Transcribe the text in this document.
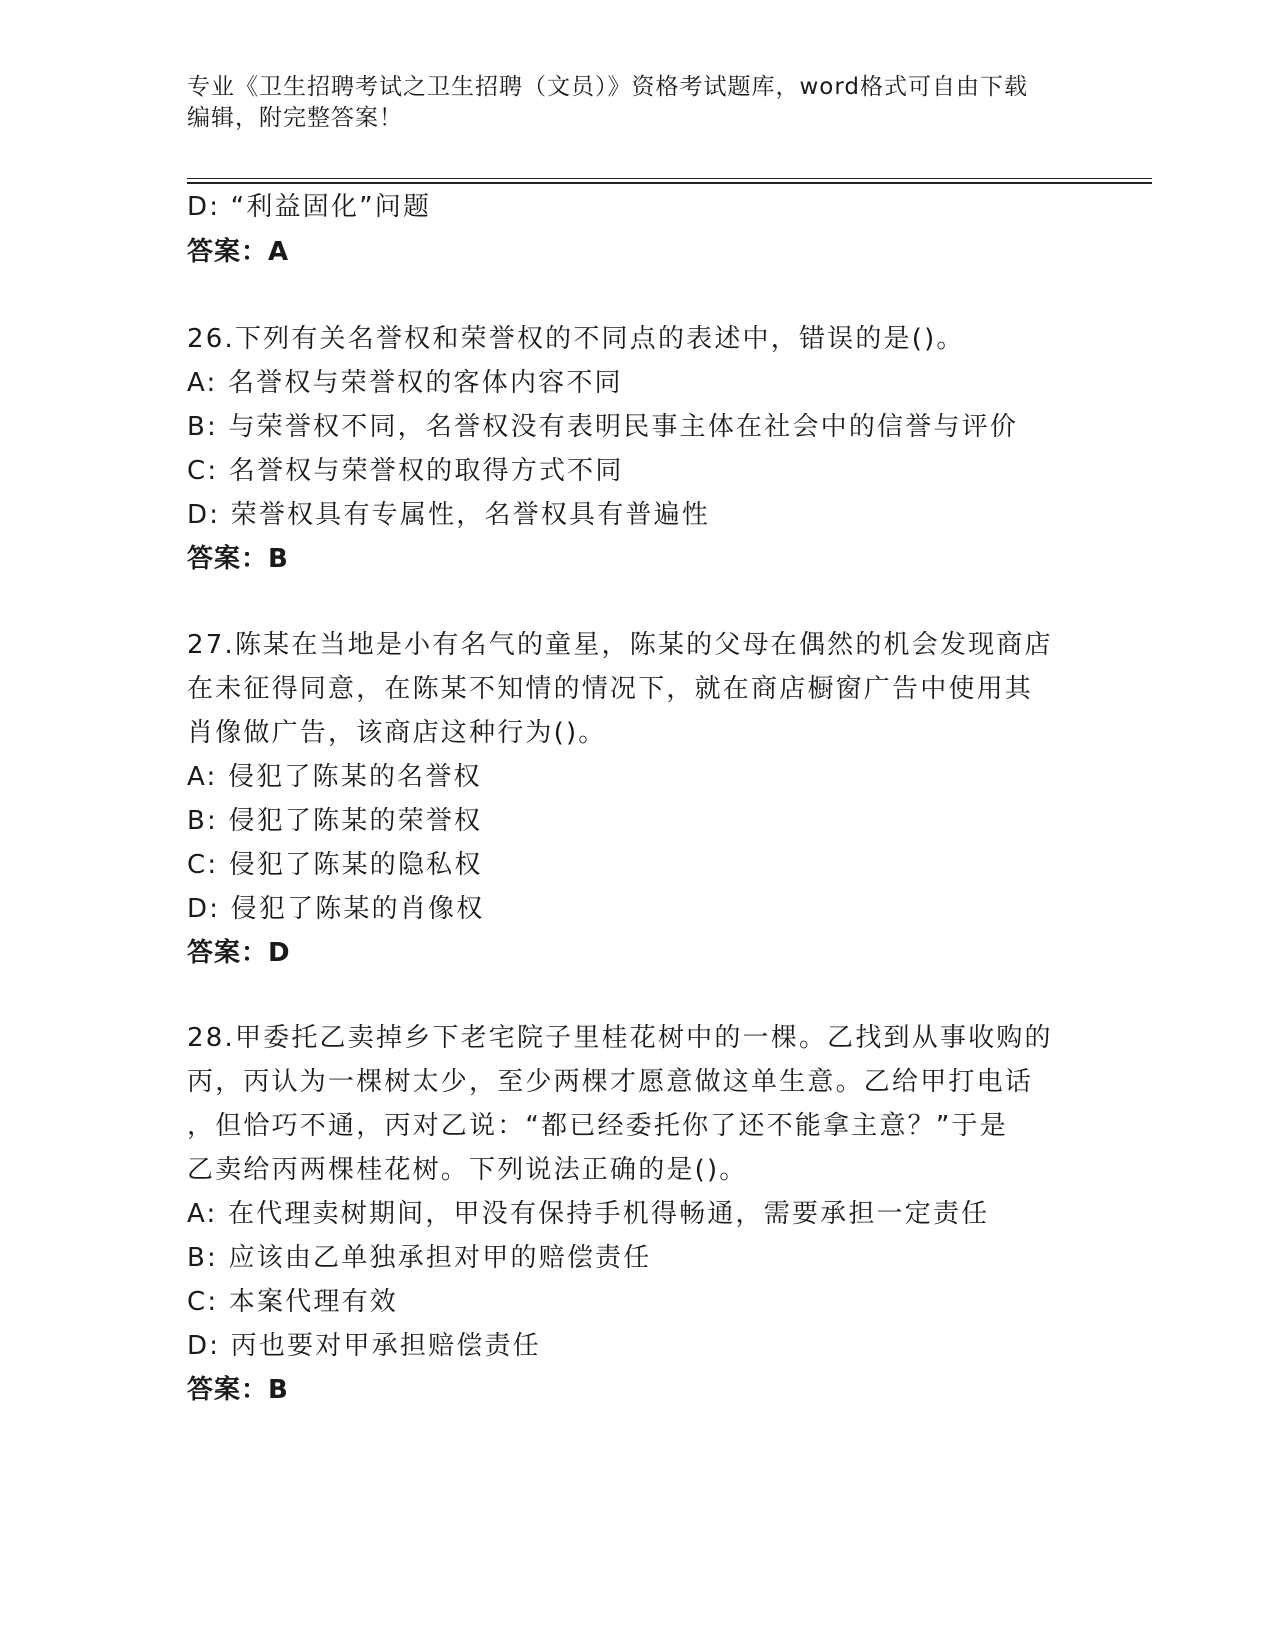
专业《卫生招聘考试之卫生招聘（文员）》资格考试题库，word格式可自由下载
编辑，附完整答案！
D: “利益固化”问题
答案：A
26.下列有关名誉权和荣誉权的不同点的表述中，错误的是()。
A: 名誉权与荣誉权的客体内容不同
B: 与荣誉权不同，名誉权没有表明民事主体在社会中的信誉与评价
C: 名誉权与荣誉权的取得方式不同
D: 荣誉权具有专属性，名誉权具有普遍性
答案：B
27.陈某在当地是小有名气的童星，陈某的父母在偶然的机会发现商店
在未征得同意，在陈某不知情的情况下，就在商店橱窗广告中使用其
肖像做广告，该商店这种行为()。
A: 侵犯了陈某的名誉权
B: 侵犯了陈某的荣誉权
C: 侵犯了陈某的隐私权
D: 侵犯了陈某的肖像权
答案：D
28.甲委托乙卖掉乡下老宅院子里桂花树中的一棵。乙找到从事收购的
丙，丙认为一棵树太少，至少两棵才愿意做这单生意。乙给甲打电话
，但恰巧不通，丙对乙说：“都已经委托你了还不能拿主意？”于是
乙卖给丙两棵桂花树。下列说法正确的是()。
A: 在代理卖树期间，甲没有保持手机得畅通，需要承担一定责任
B: 应该由乙单独承担对甲的赔偿责任
C: 本案代理有效
D: 丙也要对甲承担赔偿责任
答案：B
